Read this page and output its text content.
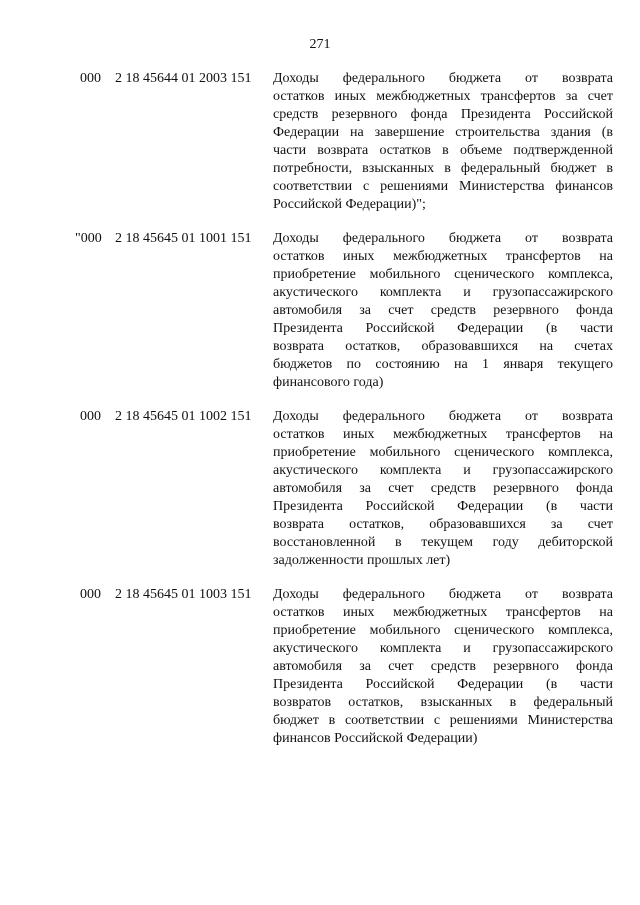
271
000 2 18 45644 01 2003 151 Доходы федерального бюджета от возврата
остатков иных межбюджетных трансфертов за счет
средств резервного фонда Президента Российской
Федерации на завершение строительства здания (в
части возврата остатков в объеме подтвержденной
потребности, взысканных в федеральный бюджет в
соответствии с решениями Министерства финансов
Российской Федерации)";
"000 2 18 45645 01 1001 151 Доходы федерального бюджета от возврата
остатков иных межбюджетных трансфертов на
приобретение мобильного сценического комплекса,
акустического комплекта и грузопассажирского
автомобиля за счет средств резервного фонда
Президента Российской Федерации (в части
возврата остатков, образовавшихся на счетах
бюджетов по состоянию на 1 января текущего
финансового года)
000 2 18 45645 01 1002 151 Доходы федерального бюджета от возврата
остатков иных межбюджетных трансфертов на
приобретение мобильного сценического комплекса,
акустического комплекта и грузопассажирского
автомобиля за счет средств резервного фонда
Президента Российской Федерации (в части
возврата остатков, образовавшихся за счет
восстановленной в текущем году дебиторской
задолженности прошлых лет)
000 2 18 45645 01 1003 151 Доходы федерального бюджета от возврата
остатков иных межбюджетных трансфертов на
приобретение мобильного сценического комплекса,
акустического комплекта и грузопассажирского
автомобиля за счет средств резервного фонда
Президента Российской Федерации (в части
возвратов остатков, взысканных в федеральный
бюджет в соответствии с решениями Министерства
финансов Российской Федерации)
